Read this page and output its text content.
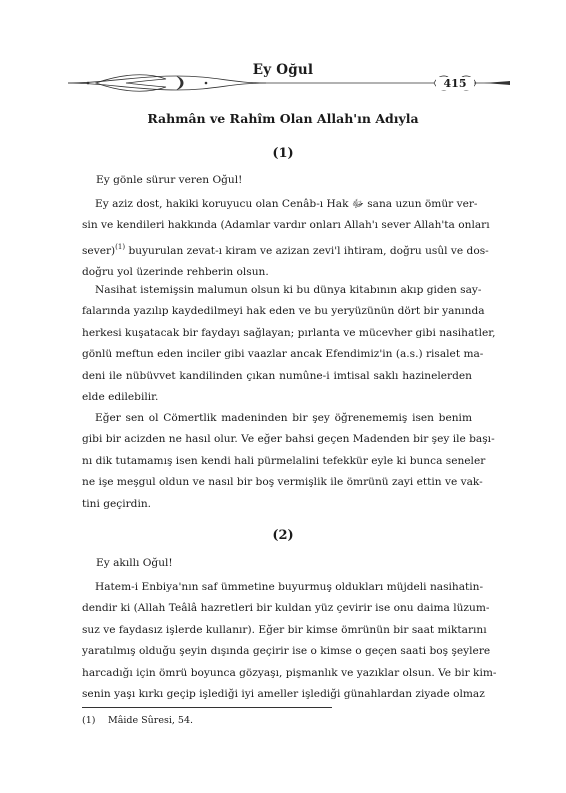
Ey Oğul
415
Rahmân ve Rahîm Olan Allah'ın Adıyla
(1)
Ey gönle sürur veren Oğul!
Ey aziz dost, hakiki koruyucu olan Cenâb-ı Hak ﷻ sana uzun ömür ver-
sin ve kendileri hakkında (Adamlar vardır onları Allah'ı sever Allah'ta onları
sever)$^{(1)}$ buyurulan zevat-ı kiram ve azizan zevi'l ihtiram, doğru usûl ve dos-
doğru yol üzerinde rehberin olsun.
Nasihat istemişsin malumun olsun ki bu dünya kitabının akıp giden say-
falarında yazılıp kaydedilmeyi hak eden ve bu yeryüzünün dört bir yanında
herkesi kuşatacak bir faydayı sağlayan; pırlanta ve mücevher gibi nasihatler,
gönlü meftun eden inciler gibi vaazlar ancak Efendimiz'in (a.s.) risalet ma-
deni ile nübüvvet kandilinden çıkan numûne-i imtisal saklı hazinelerden
elde edilebilir.
Eğer sen ol Cömertlik madeninden bir şey öğrenememiş isen benim
gibi bir acizden ne hasıl olur. Ve eğer bahsi geçen Madenden bir şey ile başı-
nı dik tutamamış isen kendi hali pürmelalini tefekkür eyle ki bunca seneler
ne işe meşgul oldun ve nasıl bir boş vermişlik ile ömrünü zayi ettin ve vak-
tini geçirdin.
(2)
Ey akıllı Oğul!
Hatem-i Enbiya'nın saf ümmetine buyurmuş oldukları müjdeli nasihatin-
dendir ki (Allah Teâlâ hazretleri bir kuldan yüz çevirir ise onu daima lüzum-
suz ve faydasız işlerde kullanır). Eğer bir kimse ömrünün bir saat miktarını
yaratılmış olduğu şeyin dışında geçirir ise o kimse o geçen saati boş şeylere
harcadığı için ömrü boyunca gözyaşı, pişmanlık ve yazıklar olsun. Ve bir kim-
senin yaşı kırkı geçip işlediği iyi ameller işlediği günahlardan ziyade olmaz
(1) Mâide Sûresi, 54.
